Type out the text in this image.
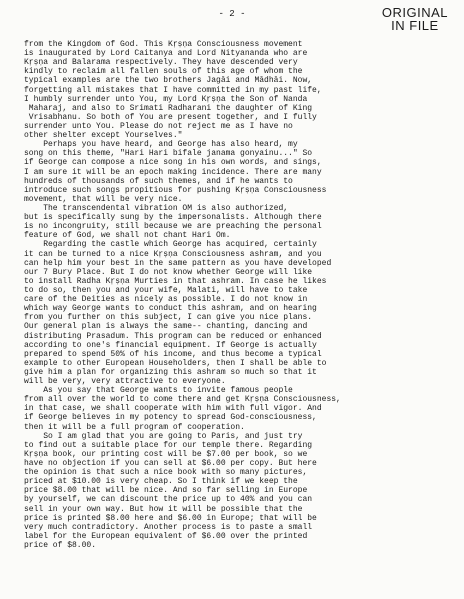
- 2 -	ORIGINAL
IN FILE
from the Kingdom of God. This Kṛṣṇa Consciousness movement
is inaugurated by Lord Caitanya and Lord Nityananda who are
Kṛṣṇa and Balarama respectively. They have descended very
kindly to reclaim all fallen souls of this age of whom the
typical examples are the two brothers Jagāi and Mādhāi. Now,
forgetting all mistakes that I have committed in my past life,
I humbly surrender unto You, my Lord Kṛṣṇa the Son of Nanda
Maharaj, and also to Srimati Radharani the daughter of King
Vrisabhanu. So both of You are present together, and I fully
surrender unto You. Please do not reject me as I have no
other shelter except Yourselves."
Perhaps you have heard, and George has also heard, my
song on this theme, "Hari Hari bifale janama gonyainu..." So
if George can compose a nice song in his own words, and sings,
I am sure it will be an epoch making incidence. There are many
hundreds of thousands of such themes, and if he wants to
introduce such songs propitious for pushing Kṛṣṇa Consciousness
movement, that will be very nice.
The transcendental vibration OM is also authorized,
but is specifically sung by the impersonalists. Although there
is no incongruity, still because we are preaching the personal
feature of God, we shall not chant Hari Om.
Regarding the castle which George has acquired, certainly
it can be turned to a nice Kṛṣṇa Consciousness ashram, and you
can help him your best in the same pattern as you have developed
our 7 Bury Place. But I do not know whether George will like
to install Radha Kṛṣṇa Murties in that ashram. In case he likes
to do so, then you and your wife, Malati, will have to take
care of the Deities as nicely as possible. I do not know in
which way George wants to conduct this ashram, and on hearing
from you further on this subject, I can give you nice plans.
Our general plan is always the same-- chanting, dancing and
distributing Prasadum. This program can be reduced or enhanced
according to one's financial equipment. If George is actually
prepared to spend 50% of his income, and thus become a typical
example to other European Householders, then I shall be able to
give him a plan for organizing this ashram so much so that it
will be very, very attractive to everyone.
As you say that George wants to invite famous people
from all over the world to come there and get Kṛṣṇa Consciousness,
in that case, we shall cooperate with him with full vigor. And
if George believes in my potency to spread God-consciousness,
then it will be a full program of cooperation.
So I am glad that you are going to Paris, and just try
to find out a suitable place for our temple there. Regarding
Kṛṣṇa book, our printing cost will be $7.00 per book, so we
have no objection if you can sell at $6.00 per copy. But here
the opinion is that such a nice book with so many pictures,
priced at $10.00 is very cheap. So I think if we keep the
price $8.00 that will be nice. And so far selling in Europe
by yourself, we can discount the price up to 40% and you can
sell in your own way. But how it will be possible that the
price is printed $8.00 here and $6.00 in Europe; that will be
very much contradictory. Another process is to paste a small
label for the European equivalent of $6.00 over the printed
price of $8.00.
